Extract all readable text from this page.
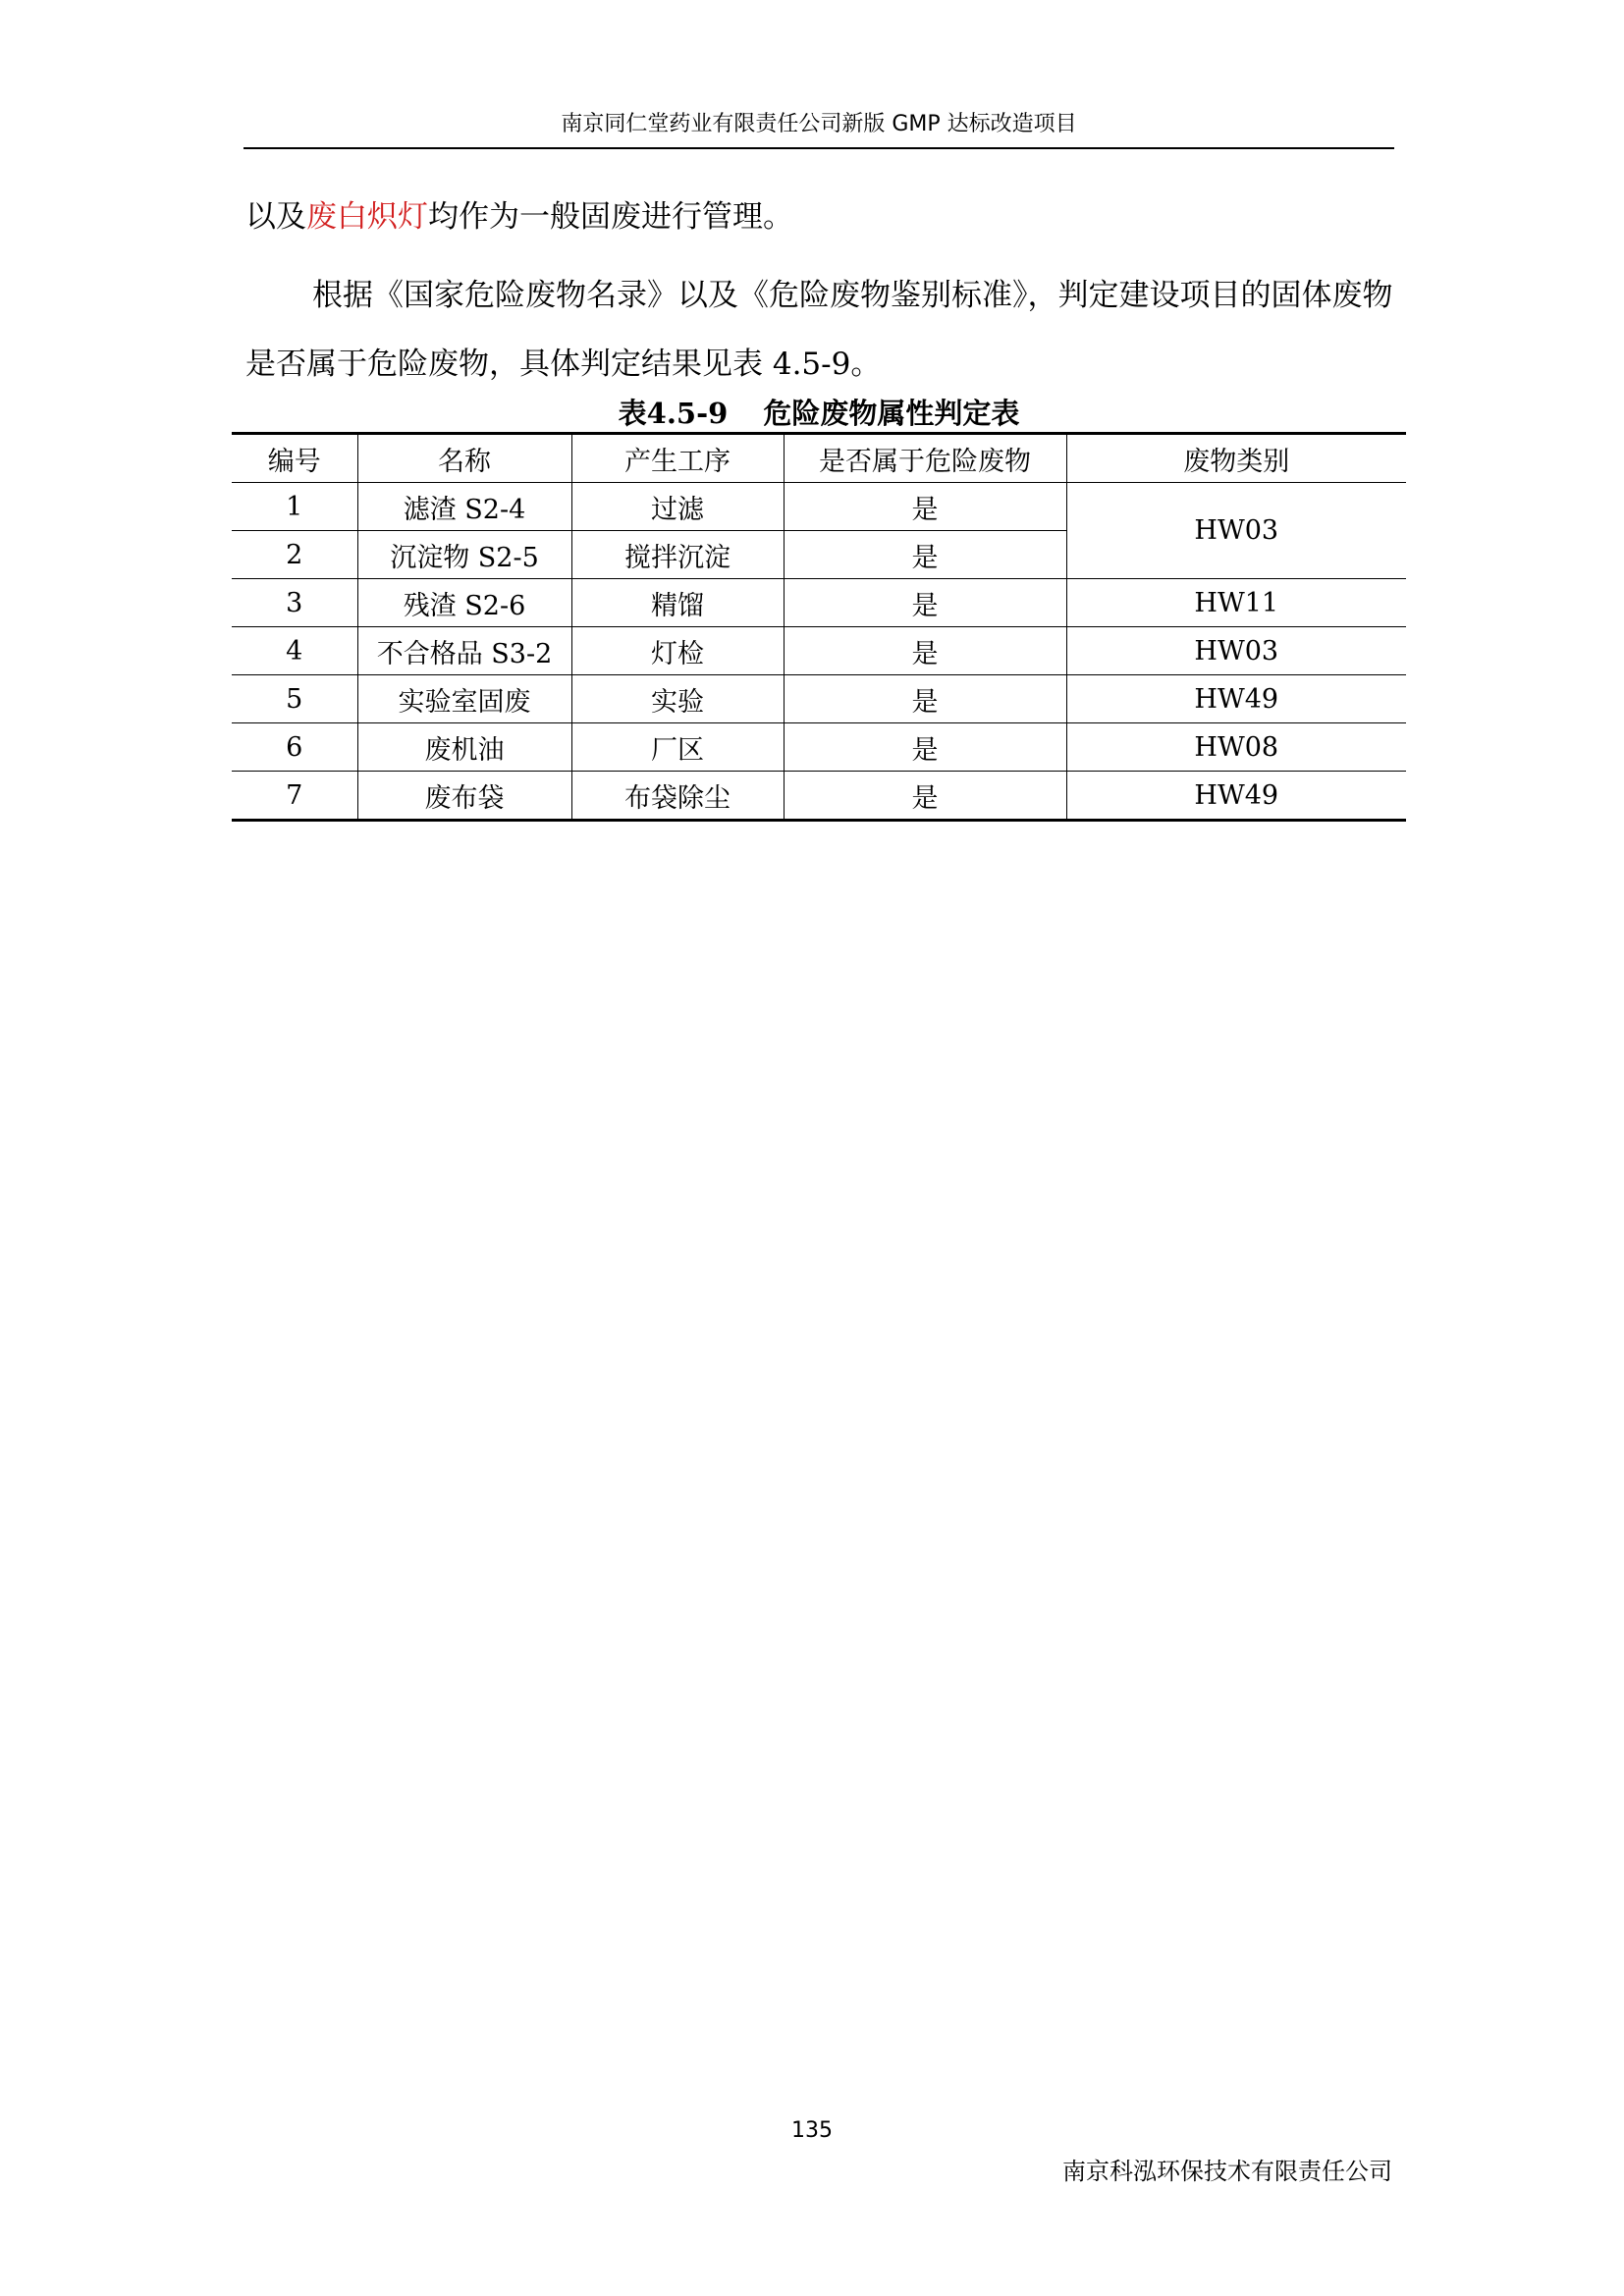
南京同仁堂药业有限责任公司新版 GMP 达标改造项目

以及废白炽灯均作为一般固废进行管理。

根据《国家危险废物名录》以及《危险废物鉴别标准》，判定建设项目的固体废物是否属于危险废物，具体判定结果见表 4.5-9。

表4.5-9 危险废物属性判定表
编号	名称	产生工序	是否属于危险废物	废物类别
1	滤渣 S2-4	过滤	是	HW03
2	沉淀物 S2-5	搅拌沉淀	是	
3	残渣 S2-6	精馏	是	HW11
4	不合格品 S3-2	灯检	是	HW03
5	实验室固废	实验	是	HW49
6	废机油	厂区	是	HW08
7	废布袋	布袋除尘	是	HW49
135
南京科泓环保技术有限责任公司
